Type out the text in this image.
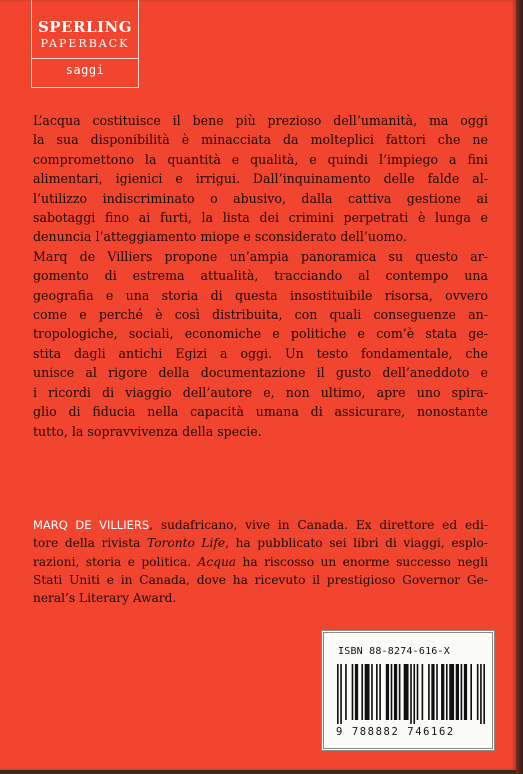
SPERLING
PAPERBACK
saggi

L’acqua costituisce il bene più prezioso dell’umanità, ma oggi
la sua disponibilità è minacciata da molteplici fattori che ne
compromettono la quantità e qualità, e quindi l’impiego a fini
alimentari, igienici e irrigui. Dall’inquinamento delle falde al-
l’utilizzo indiscriminato o abusivo, dalla cattiva gestione ai
sabotaggi fino ai furti, la lista dei crimini perpetrati è lunga e
denuncia l’atteggiamento miope e sconsiderato dell’uomo.
Marq de Villiers propone un’ampia panoramica su questo ar-
gomento di estrema attualità, tracciando al contempo una
geografia e una storia di questa insostituibile risorsa, ovvero
come e perché è così distribuita, con quali conseguenze an-
tropologiche, sociali, economiche e politiche e com’è stata ge-
stita dagli antichi Egizi a oggi. Un testo fondamentale, che
unisce al rigore della documentazione il gusto dell’aneddoto e
i ricordi di viaggio dell’autore e, non ultimo, apre uno spira-
glio di fiducia nella capacità umana di assicurare, nonostante
tutto, la sopravvivenza della specie.

MARQ DE VILLIERS, sudafricano, vive in Canada. Ex direttore ed edi-
tore della rivista Toronto Life, ha pubblicato sei libri di viaggi, esplo-
razioni, storia e politica. Acqua ha riscosso un enorme successo negli
Stati Uniti e in Canada, dove ha ricevuto il prestigioso Governor Ge-
neral’s Literary Award.

ISBN 88-8274-616-X
9 788882 746162
